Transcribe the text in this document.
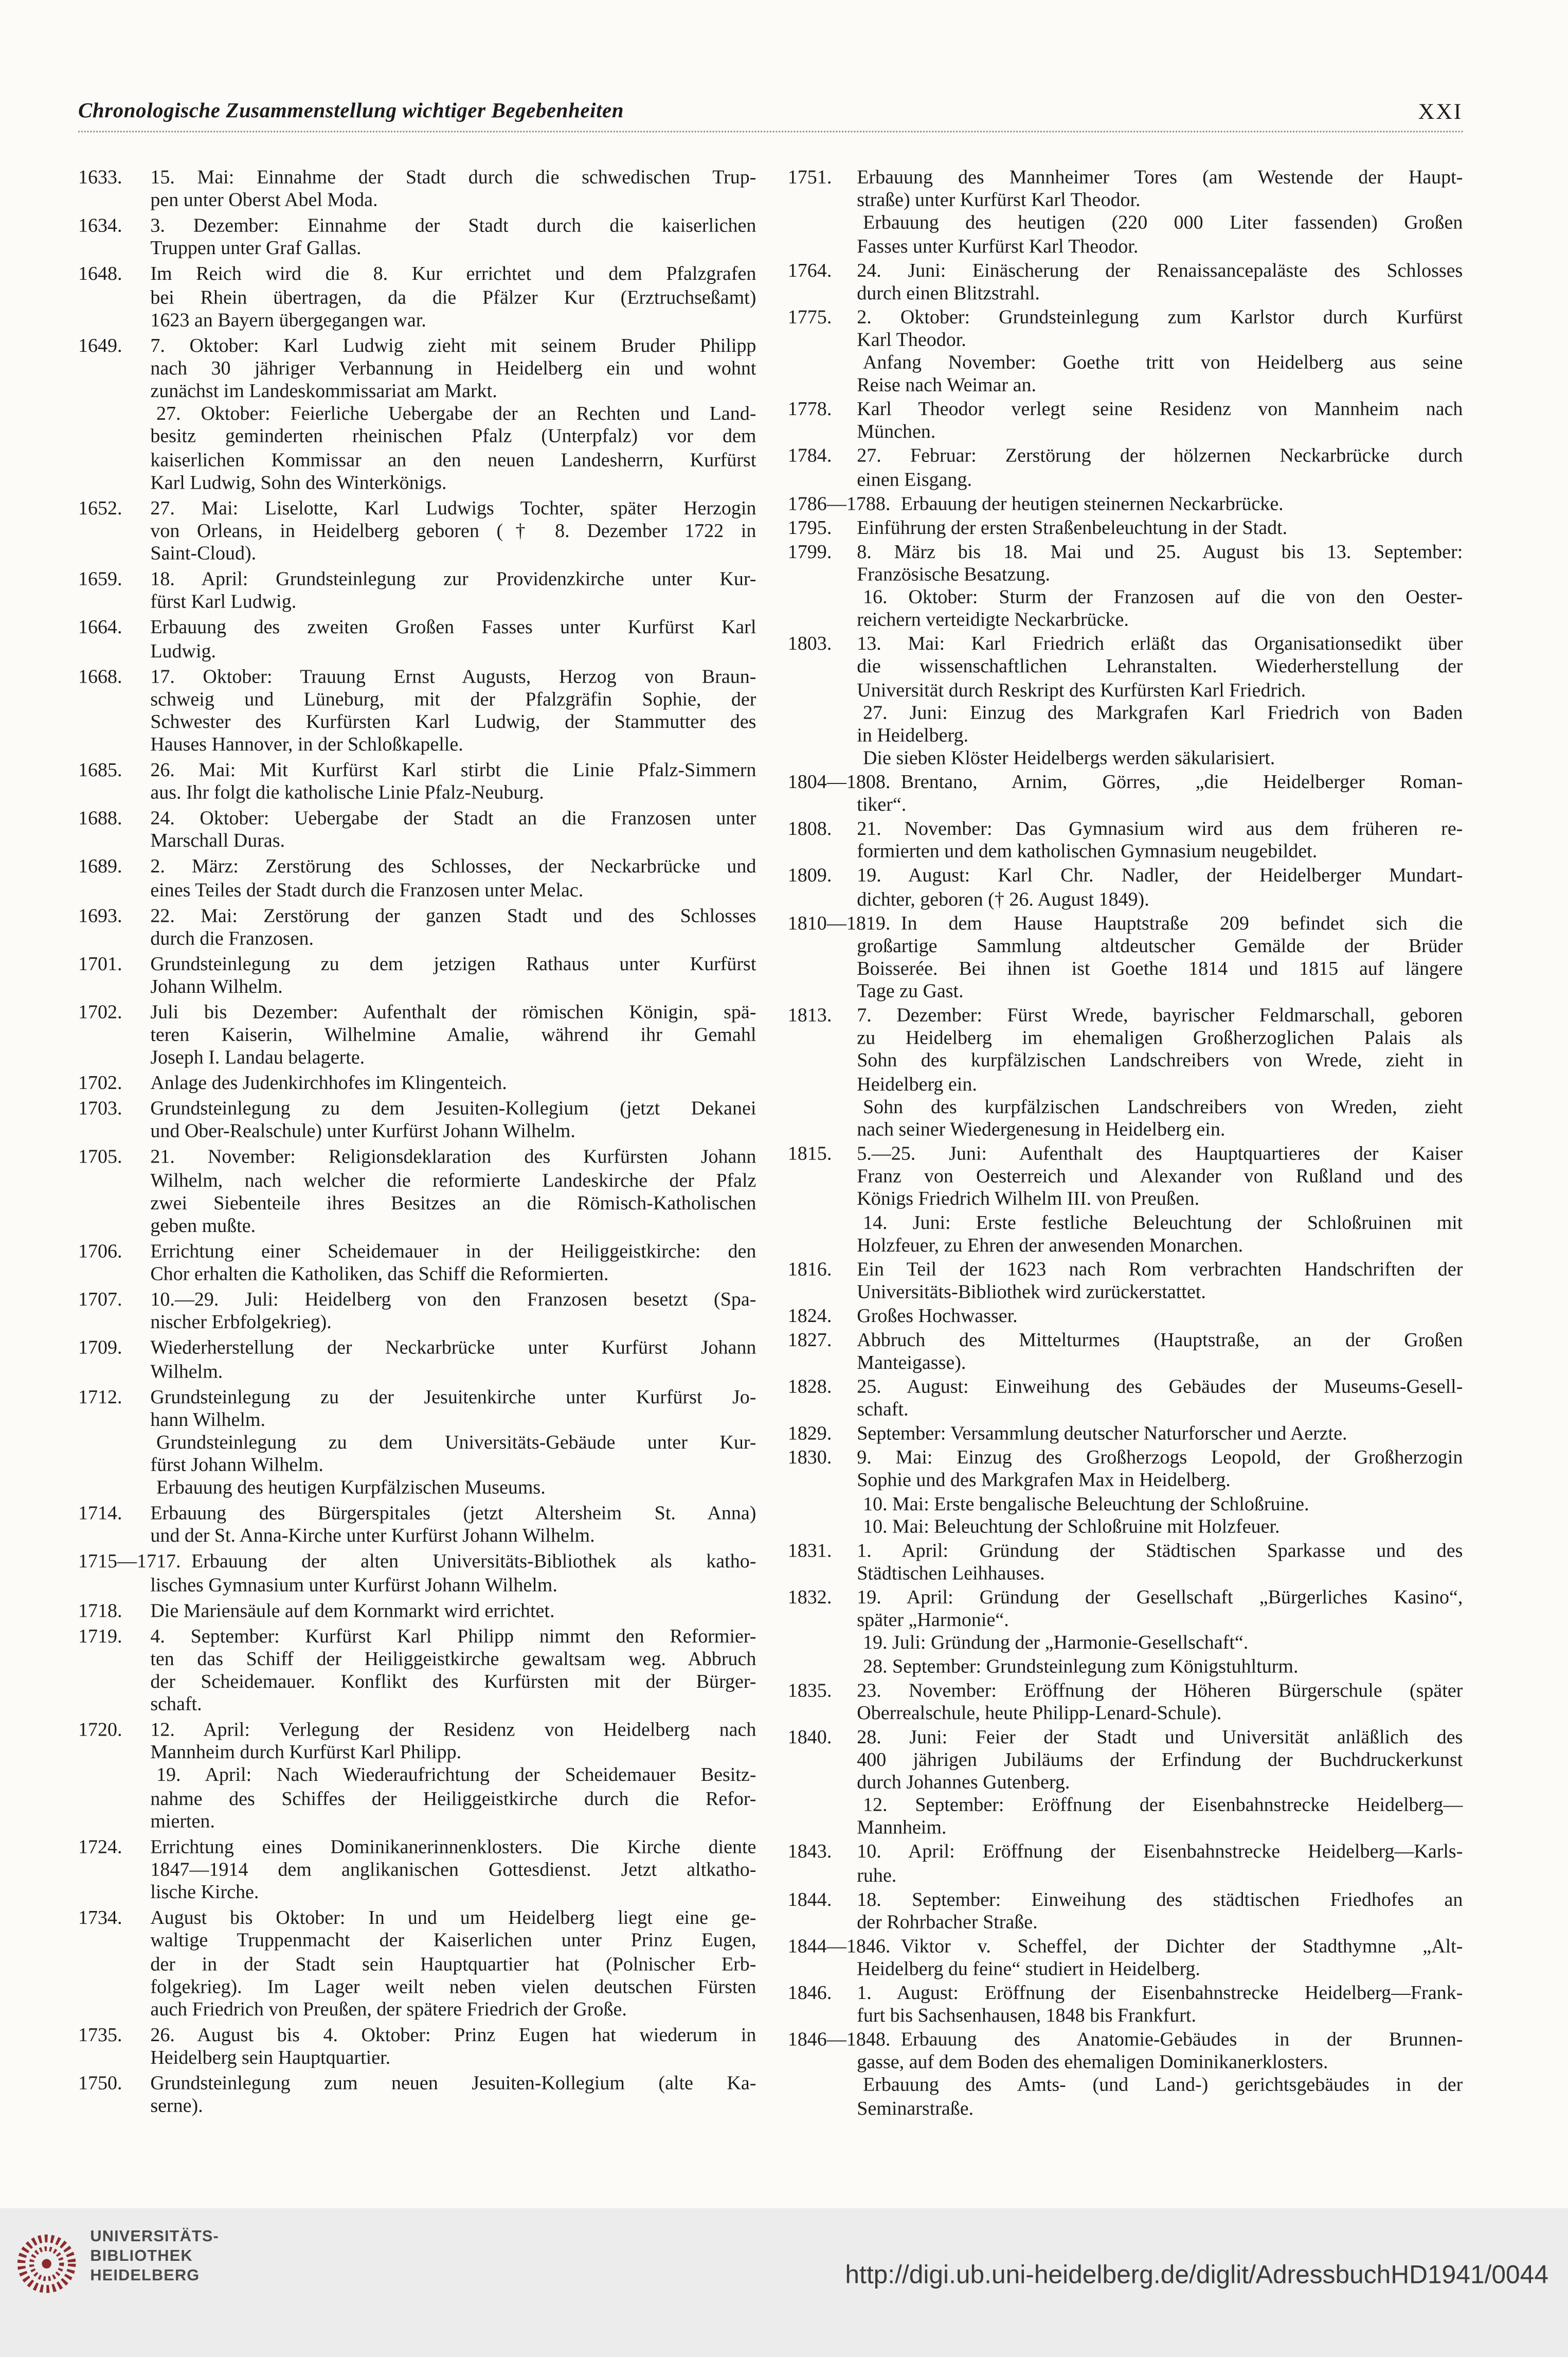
Chronologische Zusammenstellung wichtiger Begebenheiten	XXI
1633.	15. Mai: Einnahme der Stadt durch die schwedischen Trup-
pen unter Oberst Abel Moda.
1634.	3. Dezember: Einnahme der Stadt durch die kaiserlichen
Truppen unter Graf Gallas.
1648.	Im Reich wird die 8. Kur errichtet und dem Pfalzgrafen
bei Rhein übertragen, da die Pfälzer Kur (Erztruchseßamt)
1623 an Bayern übergegangen war.
1649.	7. Oktober: Karl Ludwig zieht mit seinem Bruder Philipp
nach 30 jähriger Verbannung in Heidelberg ein und wohnt
zunächst im Landeskommissariat am Markt.
27. Oktober: Feierliche Uebergabe der an Rechten und Land-
besitz geminderten rheinischen Pfalz (Unterpfalz) vor dem
kaiserlichen Kommissar an den neuen Landesherrn, Kurfürst
Karl Ludwig, Sohn des Winterkönigs.
1652.	27. Mai: Liselotte, Karl Ludwigs Tochter, später Herzogin
von Orleans, in Heidelberg geboren († 8. Dezember 1722 in
Saint-Cloud).
1659.	18. April: Grundsteinlegung zur Providenzkirche unter Kur-
fürst Karl Ludwig.
1664.	Erbauung des zweiten Großen Fasses unter Kurfürst Karl
Ludwig.
1668.	17. Oktober: Trauung Ernst Augusts, Herzog von Braun-
schweig und Lüneburg, mit der Pfalzgräfin Sophie, der
Schwester des Kurfürsten Karl Ludwig, der Stammutter des
Hauses Hannover, in der Schloßkapelle.
1685.	26. Mai: Mit Kurfürst Karl stirbt die Linie Pfalz-Simmern
aus. Ihr folgt die katholische Linie Pfalz-Neuburg.
1688.	24. Oktober: Uebergabe der Stadt an die Franzosen unter
Marschall Duras.
1689.	2. März: Zerstörung des Schlosses, der Neckarbrücke und
eines Teiles der Stadt durch die Franzosen unter Melac.
1693.	22. Mai: Zerstörung der ganzen Stadt und des Schlosses
durch die Franzosen.
1701.	Grundsteinlegung zu dem jetzigen Rathaus unter Kurfürst
Johann Wilhelm.
1702.	Juli bis Dezember: Aufenthalt der römischen Königin, spä-
teren Kaiserin, Wilhelmine Amalie, während ihr Gemahl
Joseph I. Landau belagerte.
1702.	Anlage des Judenkirchhofes im Klingenteich.
1703.	Grundsteinlegung zu dem Jesuiten-Kollegium (jetzt Dekanei
und Ober-Realschule) unter Kurfürst Johann Wilhelm.
1705.	21. November: Religionsdeklaration des Kurfürsten Johann
Wilhelm, nach welcher die reformierte Landeskirche der Pfalz
zwei Siebenteile ihres Besitzes an die Römisch-Katholischen
geben mußte.
1706.	Errichtung einer Scheidemauer in der Heiliggeistkirche: den
Chor erhalten die Katholiken, das Schiff die Reformierten.
1707.	10.—29. Juli: Heidelberg von den Franzosen besetzt (Spa-
nischer Erbfolgekrieg).
1709.	Wiederherstellung der Neckarbrücke unter Kurfürst Johann
Wilhelm.
1712.	Grundsteinlegung zu der Jesuitenkirche unter Kurfürst Jo-
hann Wilhelm.
Grundsteinlegung zu dem Universitäts-Gebäude unter Kur-
fürst Johann Wilhelm.
Erbauung des heutigen Kurpfälzischen Museums.
1714.	Erbauung des Bürgerspitales (jetzt Altersheim St. Anna)
und der St. Anna-Kirche unter Kurfürst Johann Wilhelm.
1715—1717.	Erbauung der alten Universitäts-Bibliothek als katho-
lisches Gymnasium unter Kurfürst Johann Wilhelm.
1718.	Die Mariensäule auf dem Kornmarkt wird errichtet.
1719.	4. September: Kurfürst Karl Philipp nimmt den Reformier-
ten das Schiff der Heiliggeistkirche gewaltsam weg. Abbruch
der Scheidemauer. Konflikt des Kurfürsten mit der Bürger-
schaft.
1720.	12. April: Verlegung der Residenz von Heidelberg nach
Mannheim durch Kurfürst Karl Philipp.
19. April: Nach Wiederaufrichtung der Scheidemauer Besitz-
nahme des Schiffes der Heiliggeistkirche durch die Refor-
mierten.
1724.	Errichtung eines Dominikanerinnenklosters. Die Kirche diente
1847—1914 dem anglikanischen Gottesdienst. Jetzt altkatho-
lische Kirche.
1734.	August bis Oktober: In und um Heidelberg liegt eine ge-
waltige Truppenmacht der Kaiserlichen unter Prinz Eugen,
der in der Stadt sein Hauptquartier hat (Polnischer Erb-
folgekrieg). Im Lager weilt neben vielen deutschen Fürsten
auch Friedrich von Preußen, der spätere Friedrich der Große.
1735.	26. August bis 4. Oktober: Prinz Eugen hat wiederum in
Heidelberg sein Hauptquartier.
1750.	Grundsteinlegung zum neuen Jesuiten-Kollegium (alte Ka-
serne).
1751.	Erbauung des Mannheimer Tores (am Westende der Haupt-
straße) unter Kurfürst Karl Theodor.
Erbauung des heutigen (220 000 Liter fassenden) Großen
Fasses unter Kurfürst Karl Theodor.
1764.	24. Juni: Einäscherung der Renaissancepaläste des Schlosses
durch einen Blitzstrahl.
1775.	2. Oktober: Grundsteinlegung zum Karlstor durch Kurfürst
Karl Theodor.
Anfang November: Goethe tritt von Heidelberg aus seine
Reise nach Weimar an.
1778.	Karl Theodor verlegt seine Residenz von Mannheim nach
München.
1784.	27. Februar: Zerstörung der hölzernen Neckarbrücke durch
einen Eisgang.
1786—1788.	Erbauung der heutigen steinernen Neckarbrücke.
1795.	Einführung der ersten Straßenbeleuchtung in der Stadt.
1799.	8. März bis 18. Mai und 25. August bis 13. September:
Französische Besatzung.
16. Oktober: Sturm der Franzosen auf die von den Oester-
reichern verteidigte Neckarbrücke.
1803.	13. Mai: Karl Friedrich erläßt das Organisationsedikt über
die wissenschaftlichen Lehranstalten. Wiederherstellung der
Universität durch Reskript des Kurfürsten Karl Friedrich.
27. Juni: Einzug des Markgrafen Karl Friedrich von Baden
in Heidelberg.
Die sieben Klöster Heidelbergs werden säkularisiert.
1804—1808.	Brentano, Arnim, Görres, „die Heidelberger Roman-
tiker“.
1808.	21. November: Das Gymnasium wird aus dem früheren re-
formierten und dem katholischen Gymnasium neugebildet.
1809.	19. August: Karl Chr. Nadler, der Heidelberger Mundart-
dichter, geboren († 26. August 1849).
1810—1819.	In dem Hause Hauptstraße 209 befindet sich die
großartige Sammlung altdeutscher Gemälde der Brüder
Boisserée. Bei ihnen ist Goethe 1814 und 1815 auf längere
Tage zu Gast.
1813.	7. Dezember: Fürst Wrede, bayrischer Feldmarschall, geboren
zu Heidelberg im ehemaligen Großherzoglichen Palais als
Sohn des kurpfälzischen Landschreibers von Wrede, zieht in
Heidelberg ein.
Sohn des kurpfälzischen Landschreibers von Wreden, zieht
nach seiner Wiedergenesung in Heidelberg ein.
1815.	5.—25. Juni: Aufenthalt des Hauptquartieres der Kaiser
Franz von Oesterreich und Alexander von Rußland und des
Königs Friedrich Wilhelm III. von Preußen.
14. Juni: Erste festliche Beleuchtung der Schloßruinen mit
Holzfeuer, zu Ehren der anwesenden Monarchen.
1816.	Ein Teil der 1623 nach Rom verbrachten Handschriften der
Universitäts-Bibliothek wird zurückerstattet.
1824.	Großes Hochwasser.
1827.	Abbruch des Mittelturmes (Hauptstraße, an der Großen
Manteigasse).
1828.	25. August: Einweihung des Gebäudes der Museums-Gesell-
schaft.
1829.	September: Versammlung deutscher Naturforscher und Aerzte.
1830.	9. Mai: Einzug des Großherzogs Leopold, der Großherzogin
Sophie und des Markgrafen Max in Heidelberg.
10. Mai: Erste bengalische Beleuchtung der Schloßruine.
10. Mai: Beleuchtung der Schloßruine mit Holzfeuer.
1831.	1. April: Gründung der Städtischen Sparkasse und des
Städtischen Leihhauses.
1832.	19. April: Gründung der Gesellschaft „Bürgerliches Kasino“,
später „Harmonie“.
19. Juli: Gründung der „Harmonie-Gesellschaft“.
28. September: Grundsteinlegung zum Königstuhlturm.
1835.	23. November: Eröffnung der Höheren Bürgerschule (später
Oberrealschule, heute Philipp-Lenard-Schule).
1840.	28. Juni: Feier der Stadt und Universität anläßlich des
400 jährigen Jubiläums der Erfindung der Buchdruckerkunst
durch Johannes Gutenberg.
12. September: Eröffnung der Eisenbahnstrecke Heidelberg—
Mannheim.
1843.	10. April: Eröffnung der Eisenbahnstrecke Heidelberg—Karls-
ruhe.
1844.	18. September: Einweihung des städtischen Friedhofes an
der Rohrbacher Straße.
1844—1846.	Viktor v. Scheffel, der Dichter der Stadthymne „Alt-
Heidelberg du feine“ studiert in Heidelberg.
1846.	1. August: Eröffnung der Eisenbahnstrecke Heidelberg—Frank-
furt bis Sachsenhausen, 1848 bis Frankfurt.
1846—1848.	Erbauung des Anatomie-Gebäudes in der Brunnen-
gasse, auf dem Boden des ehemaligen Dominikanerklosters.
Erbauung des Amts- (und Land-) gerichtsgebäudes in der
Seminarstraße.
UNIVERSITÄTS-
BIBLIOTHEK
HEIDELBERG	http://digi.ub.uni-heidelberg.de/diglit/AdressbuchHD1941/0044
